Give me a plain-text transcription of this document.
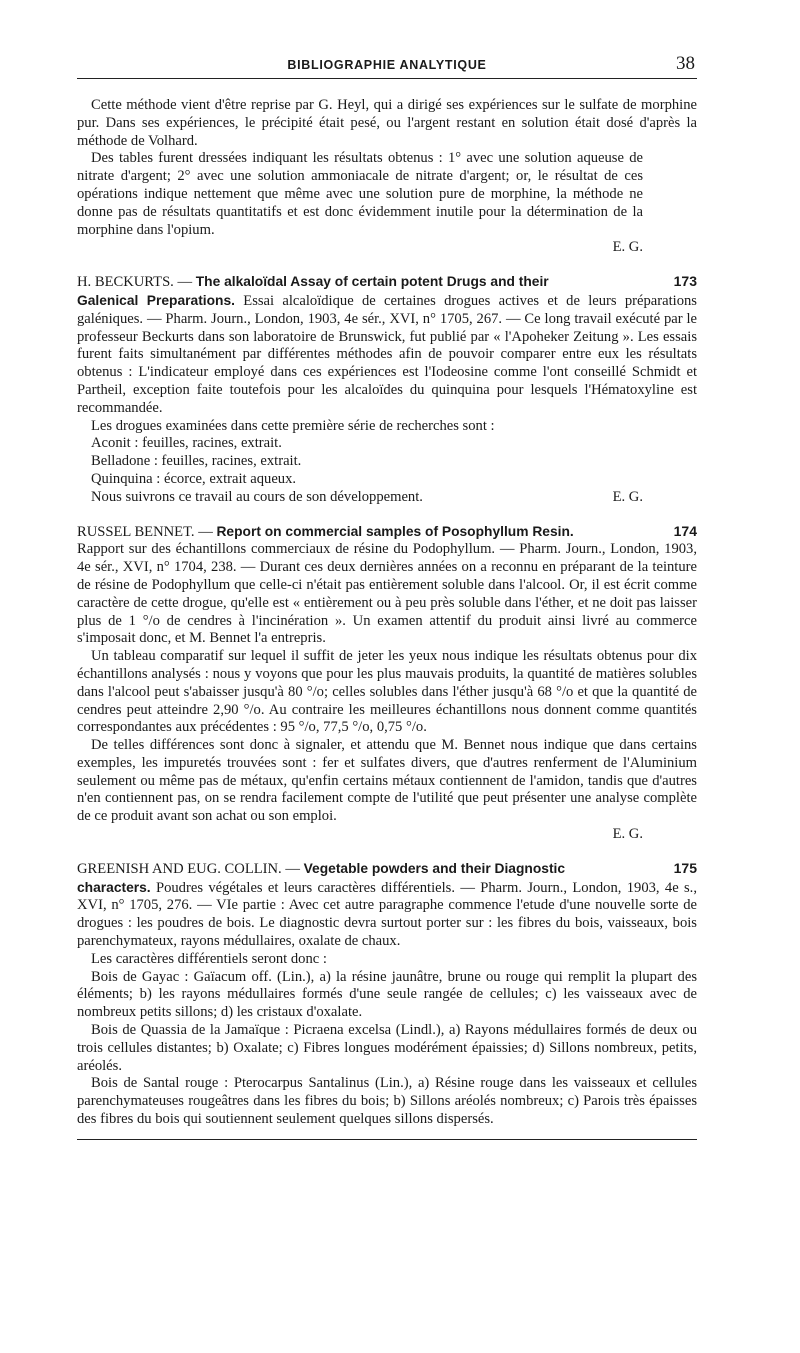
BIBLIOGRAPHIE ANALYTIQUE	38

Cette méthode vient d'être reprise par G. Heyl, qui a dirigé ses expériences sur le sulfate de morphine pur. Dans ses expériences, le précipité était pesé, ou l'argent restant en solution était dosé d'après la méthode de Volhard.

Des tables furent dressées indiquant les résultats obtenus : 1° avec une solution aqueuse de nitrate d'argent; 2° avec une solution ammoniacale de nitrate d'argent; or, le résultat de ces opérations indique nettement que même avec une solution pure de morphine, la méthode ne donne pas de résultats quantitatifs et est donc évidemment inutile pour la détermination de la morphine dans l'opium.

E. G.

H. BECKURTS. — The alkaloïdal Assay of certain potent Drugs and their	173

Galenical Preparations. Essai alcaloïdique de certaines drogues actives et de leurs préparations galéniques. — Pharm. Journ., London, 1903, 4e sér., XVI, n° 1705, 267. — Ce long travail exécuté par le professeur Beckurts dans son laboratoire de Brunswick, fut publié par « l'Apoheker Zeitung ». Les essais furent faits simultanément par différentes méthodes afin de pouvoir comparer entre eux les résultats obtenus : L'indicateur employé dans ces expériences est l'Iodeosine comme l'ont conseillé Schmidt et Partheil, exception faite toutefois pour les alcaloïdes du quinquina pour lesquels l'Hématoxyline est recommandée.

Les drogues examinées dans cette première série de recherches sont :

Aconit : feuilles, racines, extrait.

Belladone : feuilles, racines, extrait.

Quinquina : écorce, extrait aqueux.

Nous suivrons ce travail au cours de son développement.	E. G.

RUSSEL BENNET. — Report on commercial samples of Posophyllum Resin.	174

Rapport sur des échantillons commerciaux de résine du Podophyllum. — Pharm. Journ., London, 1903, 4e sér., XVI, n° 1704, 238. — Durant ces deux dernières années on a reconnu en préparant de la teinture de résine de Podophyllum que celle-ci n'était pas entièrement soluble dans l'alcool. Or, il est écrit comme caractère de cette drogue, qu'elle est « entièrement ou à peu près soluble dans l'éther, et ne doit pas laisser plus de 1 °/o de cendres à l'incinération ». Un examen attentif du produit ainsi livré au commerce s'imposait donc, et M. Bennet l'a entrepris.

Un tableau comparatif sur lequel il suffit de jeter les yeux nous indique les résultats obtenus pour dix échantillons analysés : nous y voyons que pour les plus mauvais produits, la quantité de matières solubles dans l'alcool peut s'abaisser jusqu'à 80 °/o; celles solubles dans l'éther jusqu'à 68 °/o et que la quantité de cendres peut atteindre 2,90 °/o. Au contraire les meilleures échantillons nous donnent comme quantités correspondantes aux précédentes : 95 °/o, 77,5 °/o, 0,75 °/o.

De telles différences sont donc à signaler, et attendu que M. Bennet nous indique que dans certains exemples, les impuretés trouvées sont : fer et sulfates divers, que d'autres renferment de l'Aluminium seulement ou même pas de métaux, qu'enfin certains métaux contiennent de l'amidon, tandis que d'autres n'en contiennent pas, on se rendra facilement compte de l'utilité que peut présenter une analyse complète de ce produit avant son achat ou son emploi.

E. G.

GREENISH AND EUG. COLLIN. — Vegetable powders and their Diagnostic	175

characters. Poudres végétales et leurs caractères différentiels. — Pharm. Journ., London, 1903, 4e s., XVI, n° 1705, 276. — VIe partie : Avec cet autre paragraphe commence l'etude d'une nouvelle sorte de drogues : les poudres de bois. Le diagnostic devra surtout porter sur : les fibres du bois, vaisseaux, bois parenchymateux, rayons médullaires, oxalate de chaux.

Les caractères différentiels seront donc :

Bois de Gayac : Gaïacum off. (Lin.), a) la résine jaunâtre, brune ou rouge qui remplit la plupart des éléments; b) les rayons médullaires formés d'une seule rangée de cellules; c) les vaisseaux avec de nombreux petits sillons; d) les cristaux d'oxalate.

Bois de Quassia de la Jamaïque : Picraena excelsa (Lindl.), a) Rayons médullaires formés de deux ou trois cellules distantes; b) Oxalate; c) Fibres longues modérément épaissies; d) Sillons nombreux, petits, aréolés.

Bois de Santal rouge : Pterocarpus Santalinus (Lin.), a) Résine rouge dans les vaisseaux et cellules parenchymateuses rougeâtres dans les fibres du bois; b) Sillons aréolés nombreux; c) Parois très épaisses des fibres du bois qui soutiennent seulement quelques sillons dispersés.
